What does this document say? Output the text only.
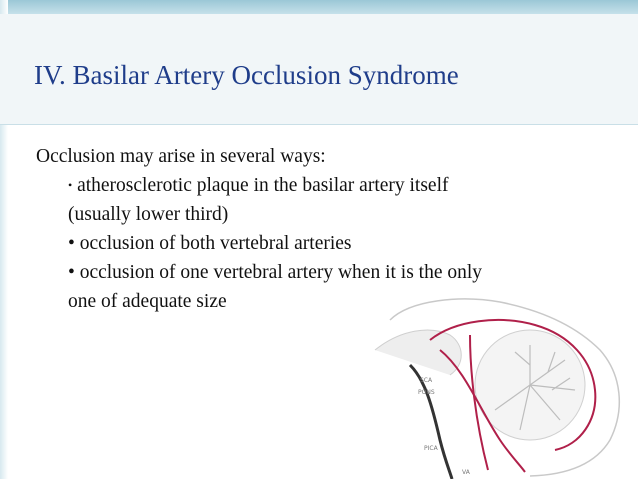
IV. Basilar Artery Occlusion Syndrome
Occlusion may arise in several ways:
• atherosclerotic plaque in the basilar artery itself
(usually lower third)
• occlusion of both vertebral arteries
• occlusion of one vertebral artery when it is the only
one of adequate size
SCA
PONS
PICA
VA
